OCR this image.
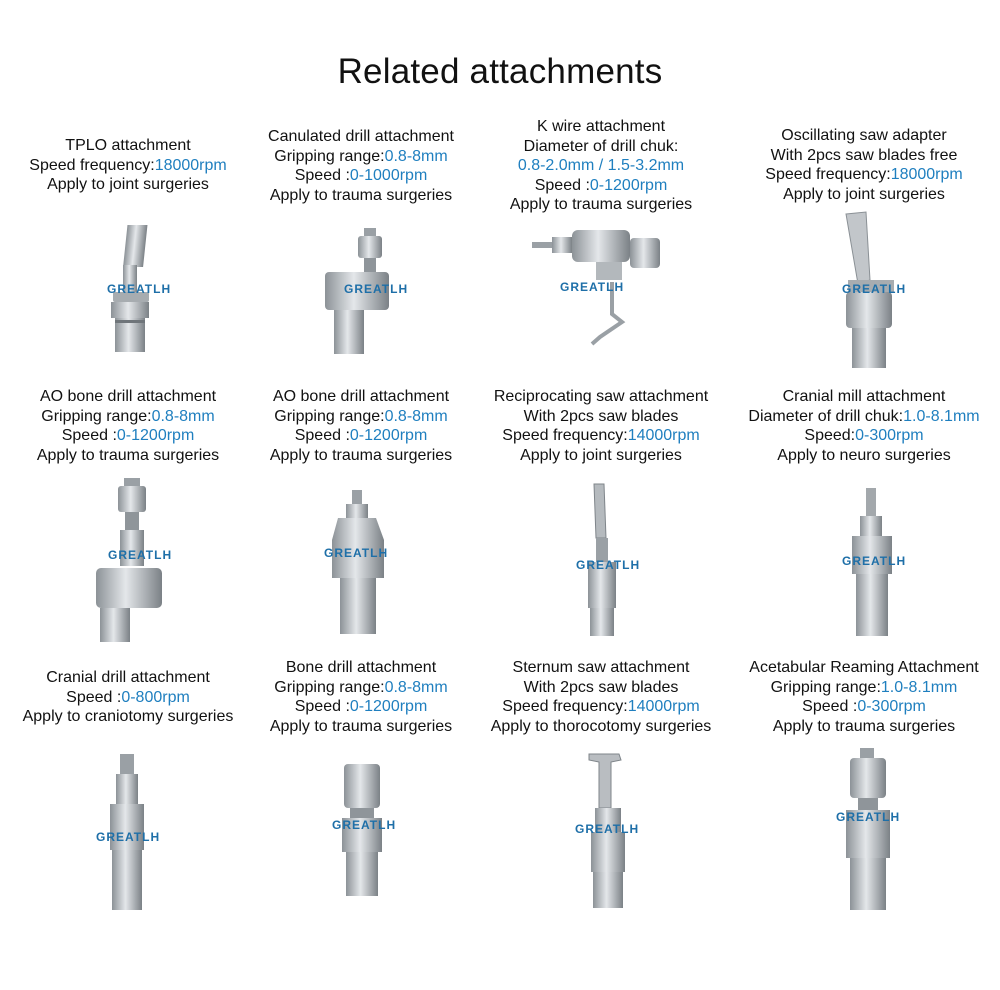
Related attachments
TPLO attachment
Speed frequency:18000rpm
Apply to joint surgeries
GREATLH
Canulated drill attachment
Gripping range:0.8-8mm
Speed :0-1000rpm
Apply to trauma surgeries
GREATLH
K wire attachment
Diameter of drill chuk:
0.8-2.0mm / 1.5-3.2mm
Speed :0-1200rpm
Apply to trauma surgeries
GREATLH
Oscillating saw adapter
With 2pcs saw blades free
Speed frequency:18000rpm
Apply to joint surgeries
GREATLH
AO bone drill attachment
Gripping range:0.8-8mm
Speed :0-1200rpm
Apply to trauma surgeries
GREATLH
AO bone drill attachment
Gripping range:0.8-8mm
Speed :0-1200rpm
Apply to trauma surgeries
GREATLH
Reciprocating saw attachment
With 2pcs saw blades
Speed frequency:14000rpm
Apply to joint surgeries
GREATLH
Cranial mill attachment
Diameter of drill chuk:1.0-8.1mm
Speed:0-300rpm
Apply to neuro surgeries
GREATLH
Cranial drill attachment
Speed :0-800rpm
Apply to craniotomy surgeries
GREATLH
Bone drill attachment
Gripping range:0.8-8mm
Speed :0-1200rpm
Apply to trauma surgeries
GREATLH
Sternum saw attachment
With 2pcs saw blades
Speed frequency:14000rpm
Apply to thorocotomy surgeries
GREATLH
Acetabular Reaming Attachment
Gripping range:1.0-8.1mm
Speed :0-300rpm
Apply to trauma surgeries
GREATLH
